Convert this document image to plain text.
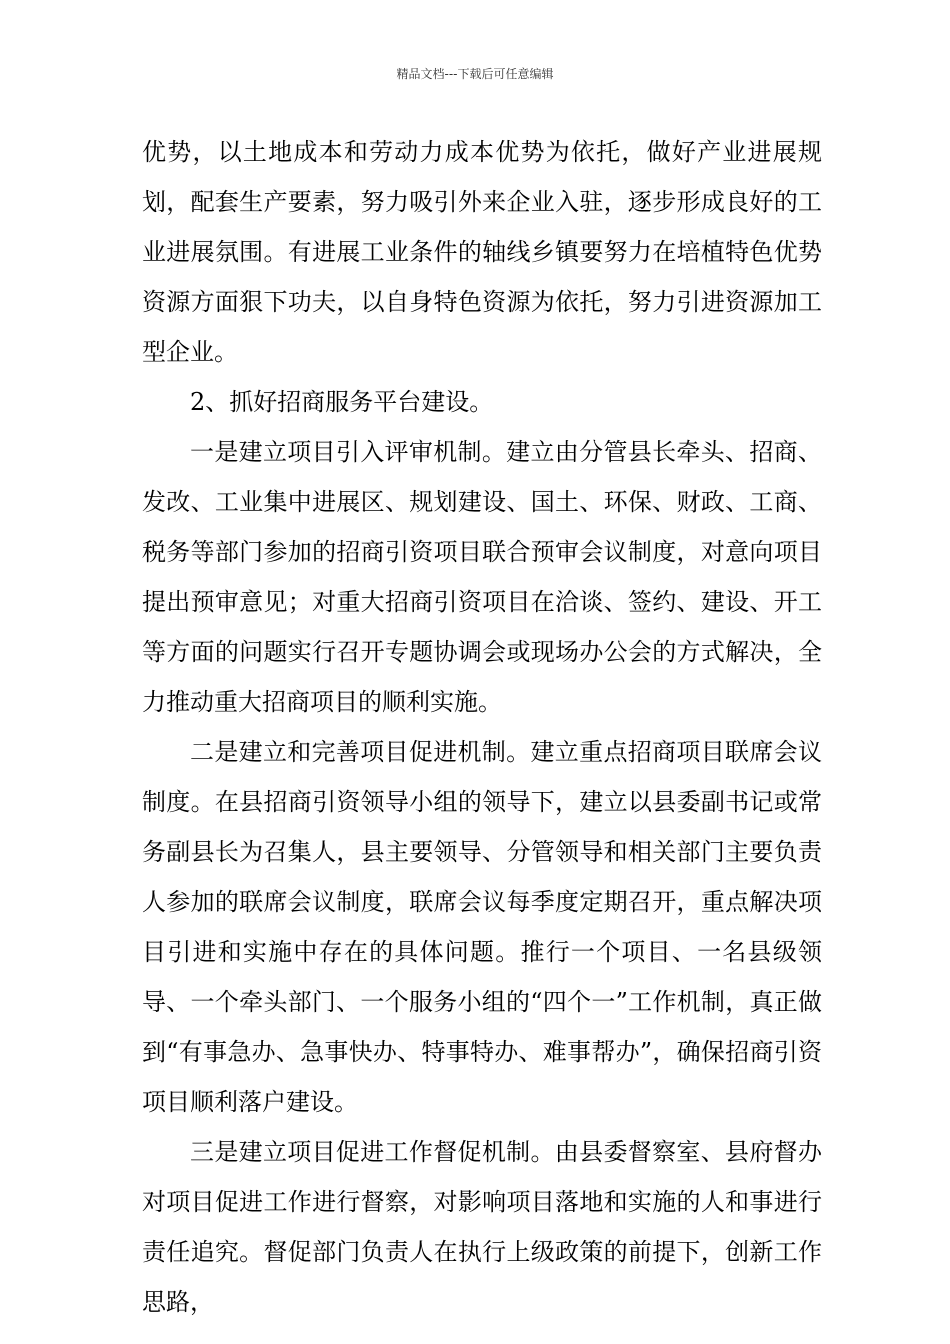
精品文档---下载后可任意编辑

优势，以土地成本和劳动力成本优势为依托，做好产业进展规划，配套生产要素，努力吸引外来企业入驻，逐步形成良好的工业进展氛围。有进展工业条件的轴线乡镇要努力在培植特色优势资源方面狠下功夫，以自身特色资源为依托，努力引进资源加工型企业。

2、抓好招商服务平台建设。

一是建立项目引入评审机制。建立由分管县长牵头、招商、发改、工业集中进展区、规划建设、国土、环保、财政、工商、税务等部门参加的招商引资项目联合预审会议制度，对意向项目提出预审意见；对重大招商引资项目在洽谈、签约、建设、开工等方面的问题实行召开专题协调会或现场办公会的方式解决，全力推动重大招商项目的顺利实施。

二是建立和完善项目促进机制。建立重点招商项目联席会议制度。在县招商引资领导小组的领导下，建立以县委副书记或常务副县长为召集人，县主要领导、分管领导和相关部门主要负责人参加的联席会议制度，联席会议每季度定期召开，重点解决项目引进和实施中存在的具体问题。推行一个项目、一名县级领导、一个牵头部门、一个服务小组的“四个一”工作机制，真正做到“有事急办、急事快办、特事特办、难事帮办”，确保招商引资项目顺利落户建设。

三是建立项目促进工作督促机制。由县委督察室、县府督办对项目促进工作进行督察，对影响项目落地和实施的人和事进行责任追究。督促部门负责人在执行上级政策的前提下，创新工作思路，
